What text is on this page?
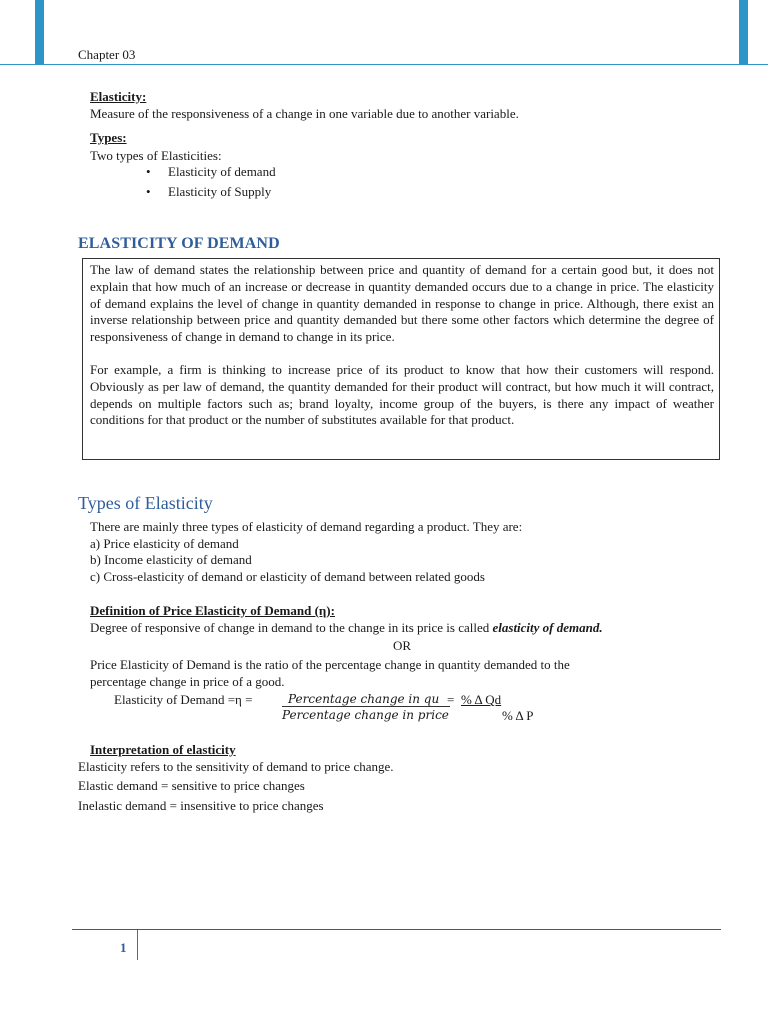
Chapter 03
Elasticity:
Measure of the responsiveness of a change in one variable due to another variable.
Types:
Two types of Elasticities:
• Elasticity of demand
• Elasticity of Supply
ELASTICITY OF DEMAND

The law of demand states the relationship between price and quantity of demand for a certain good but, it does not explain that how much of an increase or decrease in quantity demanded occurs due to a change in price. The elasticity of demand explains the level of change in quantity demanded in response to change in price. Although, there exist an inverse relationship between price and quantity demanded but there some other factors which determine the degree of responsiveness of change in demand to change in its price.

For example, a firm is thinking to increase price of its product to know that how their customers will respond. Obviously as per law of demand, the quantity demanded for their product will contract, but how much it will contract, depends on multiple factors such as; brand loyalty, income group of the buyers, is there any impact of weather conditions for that product or the number of substitutes available for that product.

Types of Elasticity
There are mainly three types of elasticity of demand regarding a product. They are:
a) Price elasticity of demand
b) Income elasticity of demand
c) Cross-elasticity of demand or elasticity of demand between related goods
Definition of Price Elasticity of Demand (η):
Degree of responsive of change in demand to the change in its price is called elasticity of demand.
OR
Price Elasticity of Demand is the ratio of the percentage change in quantity demanded to the
percentage change in price of a good.
Elasticity of Demand =η =	Percentage change in qu
Percentage change in price
= % Δ Qd
% Δ P
Interpretation of elasticity
Elasticity refers to the sensitivity of demand to price change.
Elastic demand = sensitive to price changes
Inelastic demand = insensitive to price changes
1
